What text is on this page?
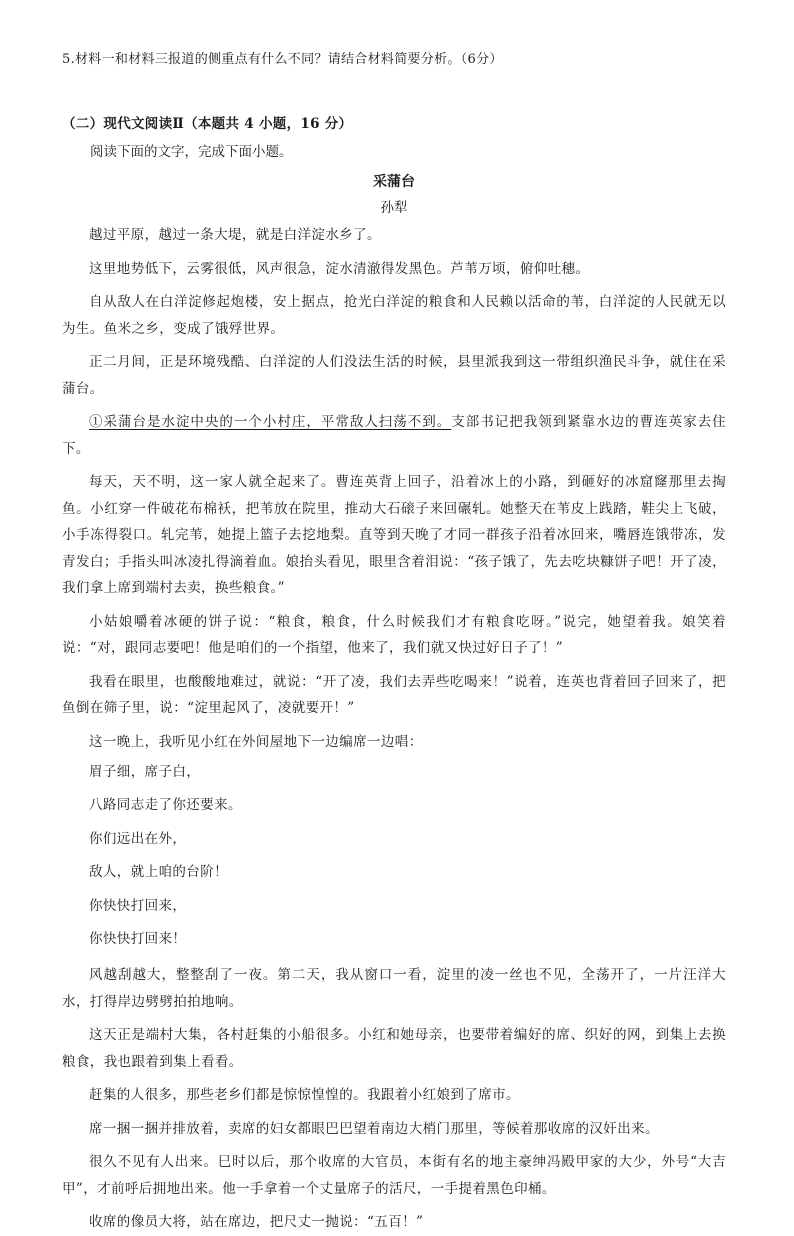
5.材料一和材料三报道的侧重点有什么不同？请结合材料简要分析。（6分）
（二）现代文阅读Ⅱ（本题共 4 小题，16 分）
阅读下面的文字，完成下面小题。
采蒲台
孙犁
越过平原，越过一条大堤，就是白洋淀水乡了。
这里地势低下，云雾很低，风声很急，淀水清澈得发黑色。芦苇万顷，俯仰吐穗。
自从敌人在白洋淀修起炮楼，安上据点，抢光白洋淀的粮食和人民赖以活命的苇，白洋淀的人民就无以为生。鱼米之乡，变成了饿殍世界。
正二月间，正是环境残酷、白洋淀的人们没法生活的时候，县里派我到这一带组织渔民斗争，就住在采蒲台。
①采蒲台是水淀中央的一个小村庄，平常敌人扫荡不到。支部书记把我领到紧靠水边的曹连英家去住下。
每天，天不明，这一家人就全起来了。曹连英背上回子，沿着冰上的小路，到砸好的冰窟窿那里去掏鱼。小红穿一件破花布棉袄，把苇放在院里，推动大石磙子来回碾轧。她整天在苇皮上践踏，鞋尖上飞破，小手冻得裂口。轧完苇，她提上篮子去挖地梨。直等到天晚了才同一群孩子沿着冰回来，嘴唇连饿带冻，发青发白；手指头叫冰凌扎得滴着血。娘抬头看见，眼里含着泪说：“孩子饿了，先去吃块糠饼子吧！开了凌，我们拿上席到端村去卖，换些粮食。”
小姑娘嚼着冰硬的饼子说：“粮食，粮食，什么时候我们才有粮食吃呀。”说完，她望着我。娘笑着说：“对，跟同志要吧！他是咱们的一个指望，他来了，我们就又快过好日子了！”
我看在眼里，也酸酸地难过，就说：“开了凌，我们去弄些吃喝来！”说着，连英也背着回子回来了，把鱼倒在筛子里，说：“淀里起风了，凌就要开！”
这一晚上，我听见小红在外间屋地下一边编席一边唱：
眉子细，席子白，
八路同志走了你还要来。
你们远出在外，
敌人，就上咱的台阶！
你快快打回来，
你快快打回来！
风越刮越大，整整刮了一夜。第二天，我从窗口一看，淀里的凌一丝也不见，全荡开了，一片汪洋大水，打得岸边劈劈拍拍地响。
这天正是端村大集，各村赶集的小船很多。小红和她母亲，也要带着编好的席、织好的网，到集上去换粮食，我也跟着到集上看看。
赶集的人很多，那些老乡们都是惊惊惶惶的。我跟着小红娘到了席市。
席一捆一捆并排放着，卖席的妇女都眼巴巴望着南边大梢门那里，等候着那收席的汉奸出来。
很久不见有人出来。巳时以后，那个收席的大官员，本街有名的地主豪绅冯殿甲家的大少，外号“大吉甲”，才前呼后拥地出来。他一手拿着一个丈量席子的活尺，一手提着黑色印桶。
收席的像员大将，站在席边，把尺丈一抛说：“五百！”
